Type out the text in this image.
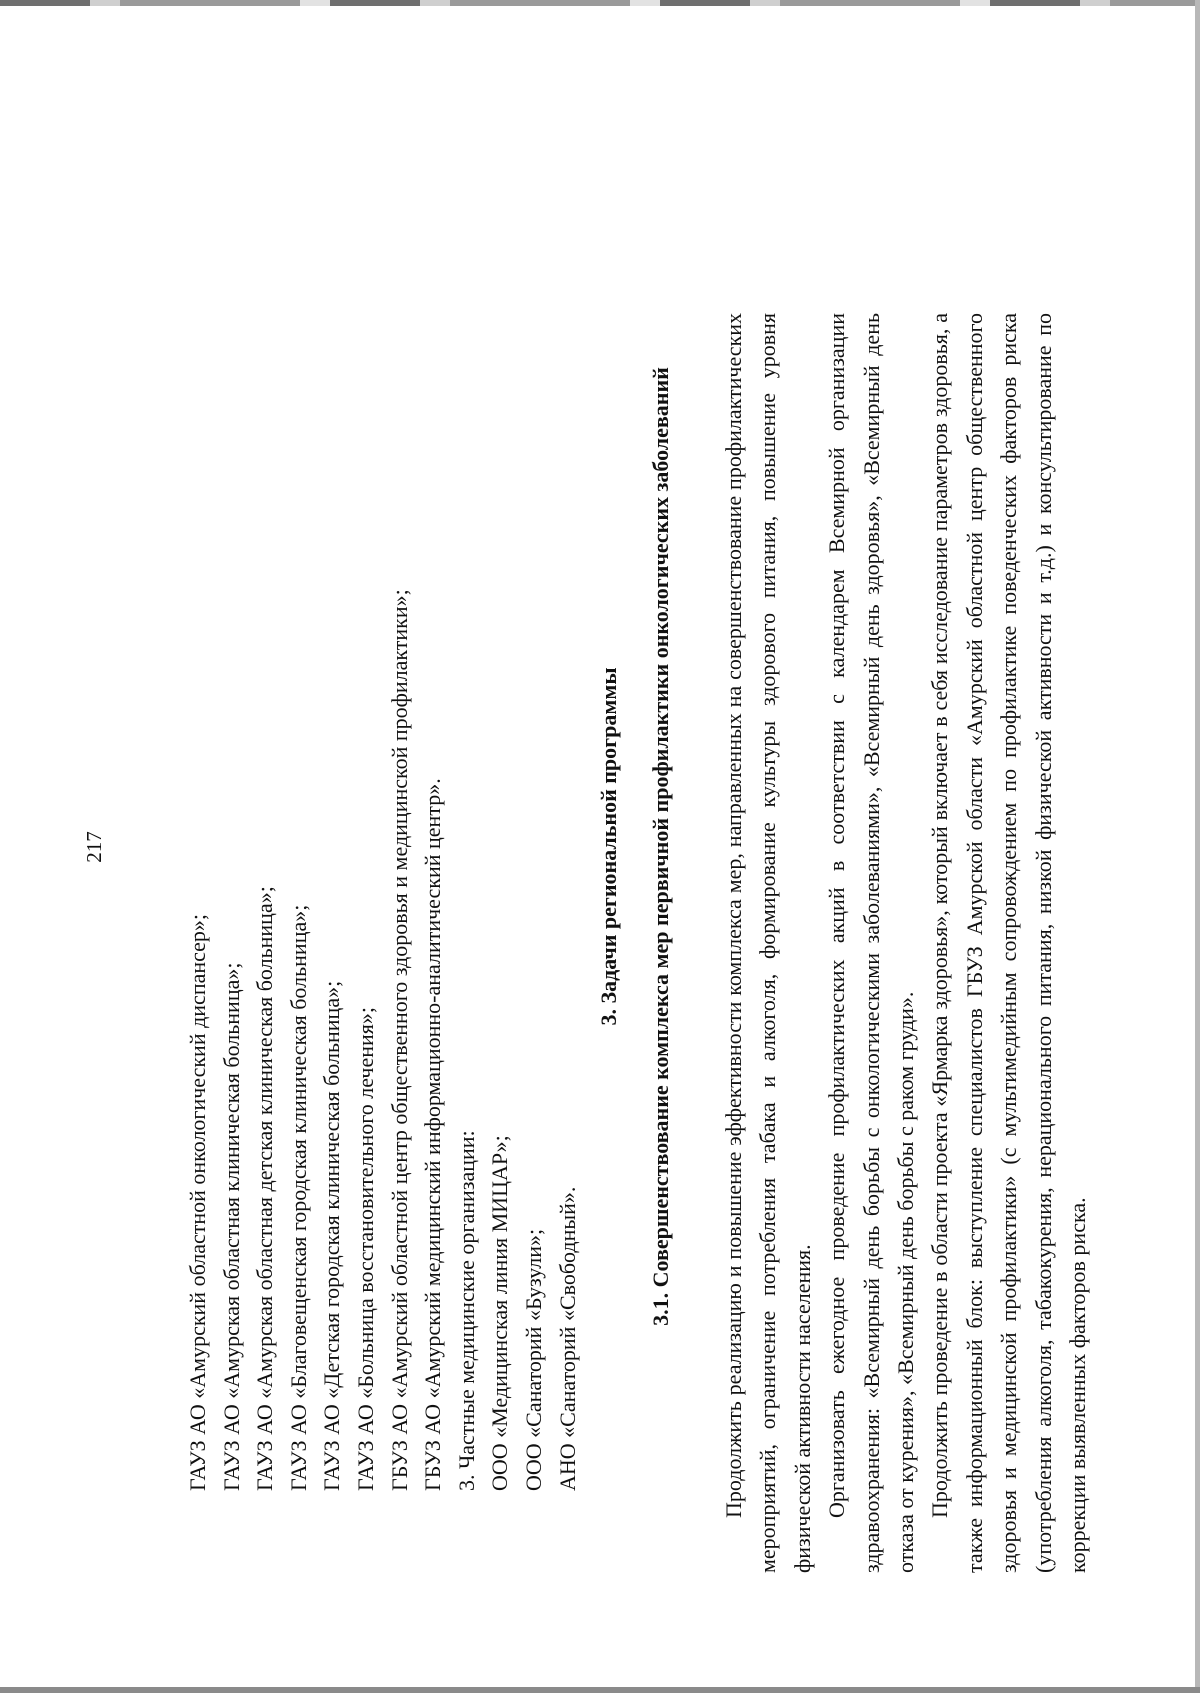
217
ГАУЗ АО «Амурский областной онкологический диспансер»; ГАУЗ АО «Амурская областная клиническая больница»; ГАУЗ АО «Амурская областная детская клиническая больница»; ГАУЗ АО «Благовещенская городская клиническая больница»; ГАУЗ АО «Детская городская клиническая больница»; ГАУЗ АО «Больница восстановительного лечения»; ГБУЗ АО «Амурский областной центр общественного здоровья и медицинской профилактики»; ГБУЗ АО «Амурский медицинский информационно-аналитический центр». 3. Частные медицинские организации: ООО «Медицинская линия МИЦАР»; ООО «Санаторий «Бузули»; АНО «Санаторий «Свободный».
3. Задачи региональной программы 3.1. Совершенствование комплекса мер первичной профилактики онкологических заболеваний Продолжить реализацию и повышение эффективности комплекса мер, направленных на совершенствование профилактических мероприятий, ограничение потребления табака и алкоголя, формирование культуры здорового питания, повышение уровня физической активности населения. Организовать ежегодное проведение профилактических акций в соответствии с календарем Всемирной организации здравоохранения: «Всемирный день борьбы с онкологическими заболеваниями», «Всемирный день здоровья», «Всемирный день отказа от курения», «Всемирный день борьбы с раком груди». Продолжить проведение в области проекта «Ярмарка здоровья», который включает в себя исследование параметров здоровья, а также информационный блок: выступление специалистов ГБУЗ Амурской области «Амурский областной центр общественного здоровья и медицинской профилактики» (с мультимедийным сопровождением по профилактике поведенческих факторов риска (употребления алкоголя, табакокурения, нерационального питания, низкой физической активности и т.д.) и консультирование по коррекции выявленных факторов риска.
